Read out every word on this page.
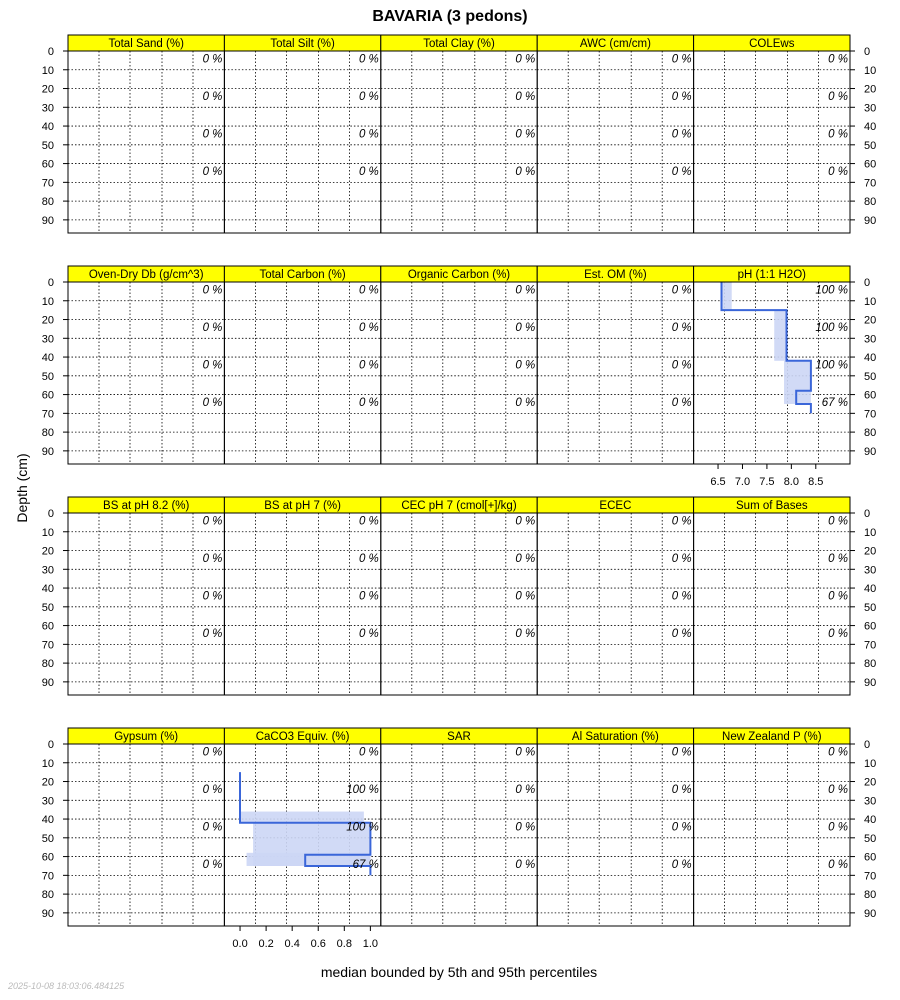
BAVARIA (3 pedons)
Depth (cm)
median bounded by 5th and 95th percentiles
2025-10-08 18:03:06.484125
0	0
10	10
20	20
30	30
40	40
50	50
60	60
70	70
80	80
90	90
Total Sand (%)
0 %
0 %
0 %
0 %
Total Silt (%)
0 %
0 %
0 %
0 %
Total Clay (%)
0 %
0 %
0 %
0 %
AWC (cm/cm)
0 %
0 %
0 %
0 %
COLEws
0 %
0 %
0 %
0 %
0	0
10	10
20	20
30	30
40	40
50	50
60	60
70	70
80	80
90	90
Oven-Dry Db (g/cm^3)
0 %
0 %
0 %
0 %
Total Carbon (%)
0 %
0 %
0 %
0 %
Organic Carbon (%)
0 %
0 %
0 %
0 %
Est. OM (%)
0 %
0 %
0 %
0 %
pH (1:1 H2O)
6.5 7.0 7.5 8.0 8.5
100 %
100 %
100 %
67 %
0	0
10	10
20	20
30	30
40	40
50	50
60	60
70	70
80	80
90	90
BS at pH 8.2 (%)
0 %
0 %
0 %
0 %
BS at pH 7 (%)
0 %
0 %
0 %
0 %
CEC pH 7 (cmol[+]/kg)
0 %
0 %
0 %
0 %
ECEC
0 %
0 %
0 %
0 %
Sum of Bases
0 %
0 %
0 %
0 %
0	0
10	10
20	20
30	30
40	40
50	50
60	60
70	70
80	80
90	90
Gypsum (%)
0 %
0 %
0 %
0 %
CaCO3 Equiv. (%)
0.0 0.2 0.4 0.6 0.8 1.0
0 %
100 %
100 %
67 %
SAR
0 %
0 %
0 %
0 %
Al Saturation (%)
0 %
0 %
0 %
0 %
New Zealand P (%)
0 %
0 %
0 %
0 %
